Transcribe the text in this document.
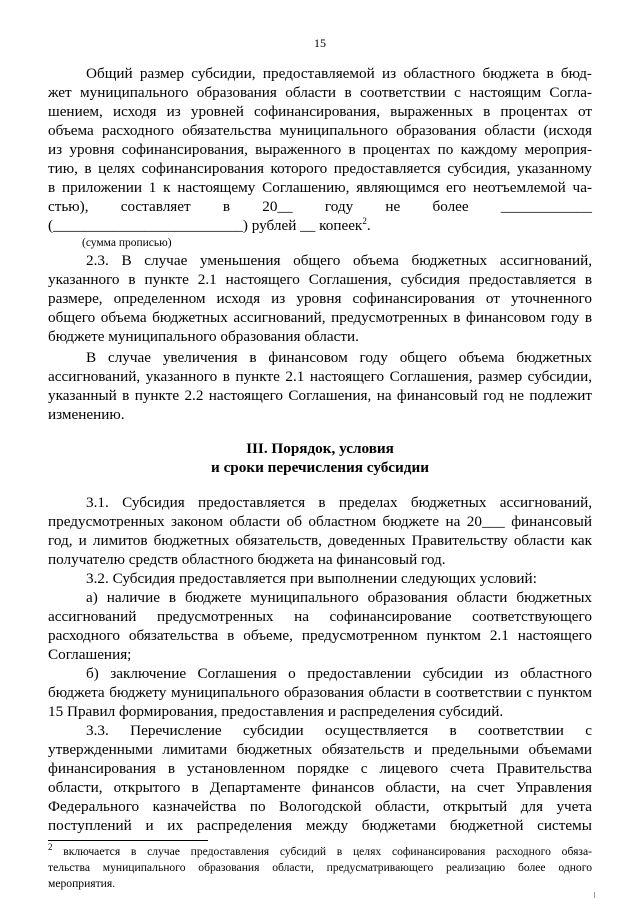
15
Общий размер субсидии, предоставляемой из областного бюджета в бюд-
жет муниципального образования области в соответствии с настоящим Согла-
шением, исходя из уровней софинансирования, выраженных в процентах от
объема расходного обязательства муниципального образования области (исходя
из уровня софинансирования, выраженного в процентах по каждому мероприя-
тию, в целях софинансирования которого предоставляется субсидия, указанному
в приложении 1 к настоящему Соглашению, являющимся его неотъемлемой ча-
стью), составляет в 20__ году не более ____________
(_________________________) рублей __ копеек$^2$.
(сумма прописью)
2.3. В случае уменьшения общего объема бюджетных ассигнований,
указанного в пункте 2.1 настоящего Соглашения, субсидия предоставляется в
размере, определенном исходя из уровня софинансирования от уточненного
общего объема бюджетных ассигнований, предусмотренных в финансовом году в
бюджете муниципального образования области.
В случае увеличения в финансовом году общего объема бюджетных
ассигнований, указанного в пункте 2.1 настоящего Соглашения, размер субсидии,
указанный в пункте 2.2 настоящего Соглашения, на финансовый год не подлежит
изменению.
III. Порядок, условия
и сроки перечисления субсидии
3.1. Субсидия предоставляется в пределах бюджетных ассигнований,
предусмотренных законом области об областном бюджете на 20___ финансовый
год, и лимитов бюджетных обязательств, доведенных Правительству области как
получателю средств областного бюджета на финансовый год.
3.2. Субсидия предоставляется при выполнении следующих условий:
а) наличие в бюджете муниципального образования области бюджетных
ассигнований предусмотренных на софинансирование соответствующего
расходного обязательства в объеме, предусмотренном пунктом 2.1 настоящего
Соглашения;
б) заключение Соглашения о предоставлении субсидии из областного
бюджета бюджету муниципального образования области в соответствии с пунктом
15 Правил формирования, предоставления и распределения субсидий.
3.3. Перечисление субсидии осуществляется в соответствии с
утвержденными лимитами бюджетных обязательств и предельными объемами
финансирования в установленном порядке с лицевого счета Правительства
области, открытого в Департаменте финансов области, на счет Управления
Федерального казначейства по Вологодской области, открытый для учета
поступлений и их распределения между бюджетами бюджетной системы
$^2$ включается в случае предоставления субсидий в целях софинансирования расходного обяза-
тельства муниципального образования области, предусматривающего реализацию более одного
мероприятия.
